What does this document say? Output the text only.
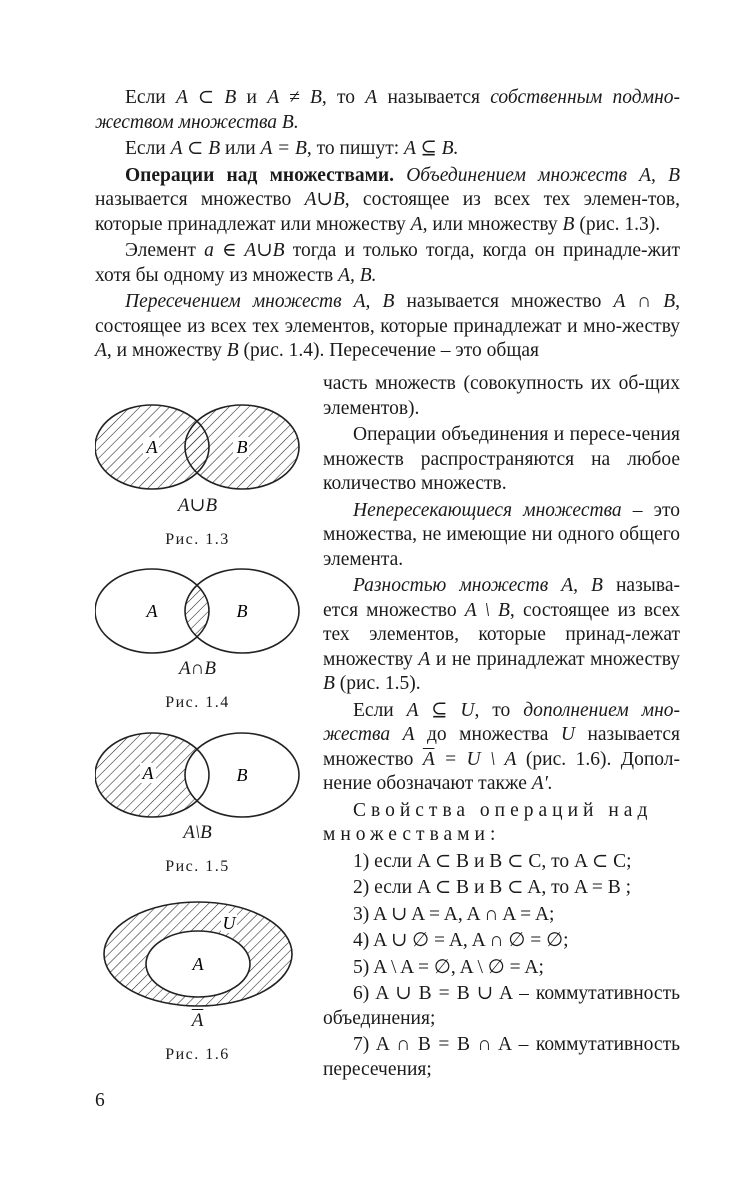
Если A ⊂ B и A ≠ B, то A называется собственным подмно-жеством множества B.

Если A ⊂ B или A = B, то пишут: A ⊆ B.

Операции над множествами. Объединением множеств A, B называется множество A∪B, состоящее из всех тех элемен-тов, которые принадлежат или множеству A, или множеству B (рис. 1.3).

Элемент a ∈ A∪B тогда и только тогда, когда он принадле-жит хотя бы одному из множеств A, B.

Пересечением множеств A, B называется множество A ∩ B, состоящее из всех тех элементов, которые принадлежат и мно-жеству A, и множеству B (рис. 1.4). Пересечение – это общая

часть множеств (совокупность их об-щих элементов).

Операции объединения и пересе-чения множеств распространяются на любое количество множеств.

Непересекающиеся множества – это множества, не имеющие ни одного общего элемента.

Разностью множеств A, B называ-ется множество A \ B, состоящее из всех тех элементов, которые принад-лежат множеству A и не принадлежат множеству B (рис. 1.5).

Если A ⊆ U, то дополнением мно-жества A до множества U называется множество $\overline{A} = U$ \ A (рис. 1.6). Допол-нение обозначают также A′.

Свойства операций над множествами:

1) если A ⊂ B и B ⊂ C, то A ⊂ C;

2) если A ⊂ B и B ⊂ A, то A = B ;

3) A ∪ A = A, A ∩ A = A;

4) A ∪ ∅ = A, A ∩ ∅ = ∅;

5) A \ A = ∅, A \ ∅ = A;

6) A ∪ B = B ∪ A – коммутативность объединения;

7) A ∩ B = B ∩ A – коммутативность пересечения;

A	B
A∪B
Рис. 1.3
A	B
A∩B
Рис. 1.4
A	B
A\B
Рис. 1.5
U
A
$\overline{A}$
Рис. 1.6
6
